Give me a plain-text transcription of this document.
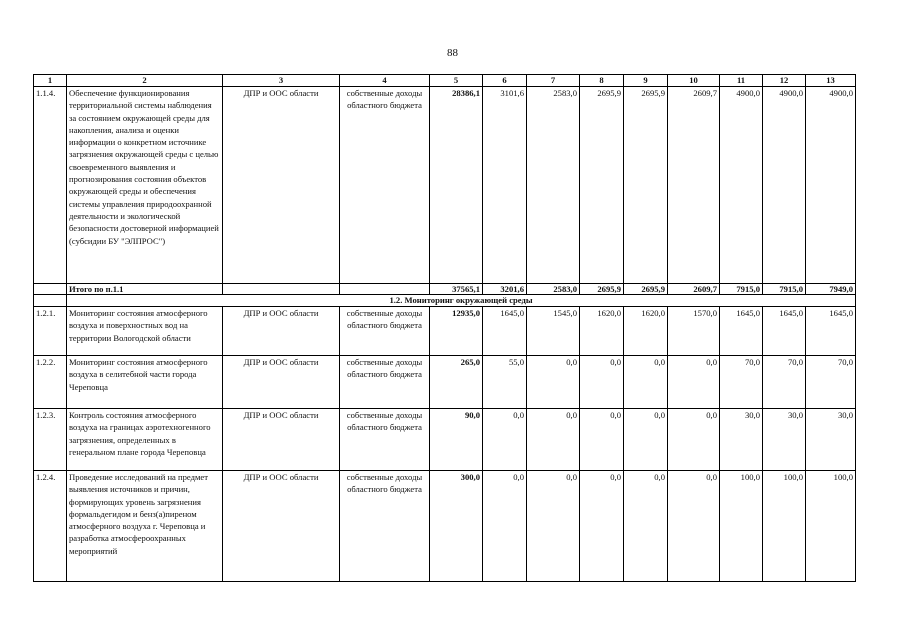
88
1	2	3	4	5	6	7	8	9	10	11	12	13
1.1.4.	Обеспечение функционирования территориальной системы наблюдения за состоянием окружающей среды для накопления, анализа и оценки информации о конкретном источнике загрязнения окружающей среды с целью своевременного выявления и прогнозирования состояния объектов окружающей среды и обеспечения системы управления природоохранной деятельности и экологической безопасности достоверной информацией (субсидии БУ "ЭЛПРОС")	ДПР и ООС области	собственные доходы областного бюджета	28386,1	3101,6	2583,0	2695,9	2695,9	2609,7	4900,0	4900,0	4900,0
	Итого по п.1.1			37565,1	3201,6	2583,0	2695,9	2695,9	2609,7	7915,0	7915,0	7949,0
	1.2. Мониторинг окружающей среды											
1.2.1.	Мониторинг состояния атмосферного воздуха и поверхностных вод на территории Вологодской области	ДПР и ООС области	собственные доходы областного бюджета	12935,0	1645,0	1545,0	1620,0	1620,0	1570,0	1645,0	1645,0	1645,0
1.2.2.	Мониторинг состояния атмосферного воздуха в селитебной части города Череповца	ДПР и ООС области	собственные доходы областного бюджета	265,0	55,0	0,0	0,0	0,0	0,0	70,0	70,0	70,0
1.2.3.	Контроль состояния атмосферного воздуха на границах аэротехногенного загрязнения, определенных в генеральном плане города Череповца	ДПР и ООС области	собственные доходы областного бюджета	90,0	0,0	0,0	0,0	0,0	0,0	30,0	30,0	30,0
1.2.4.	Проведение исследований на предмет выявления источников и причин, формирующих уровень загрязнения формальдегидом и бенз(а)пиреном атмосферного воздуха г. Череповца и разработка атмосфероохранных мероприятий	ДПР и ООС области	собственные доходы областного бюджета	300,0	0,0	0,0	0,0	0,0	0,0	100,0	100,0	100,0
